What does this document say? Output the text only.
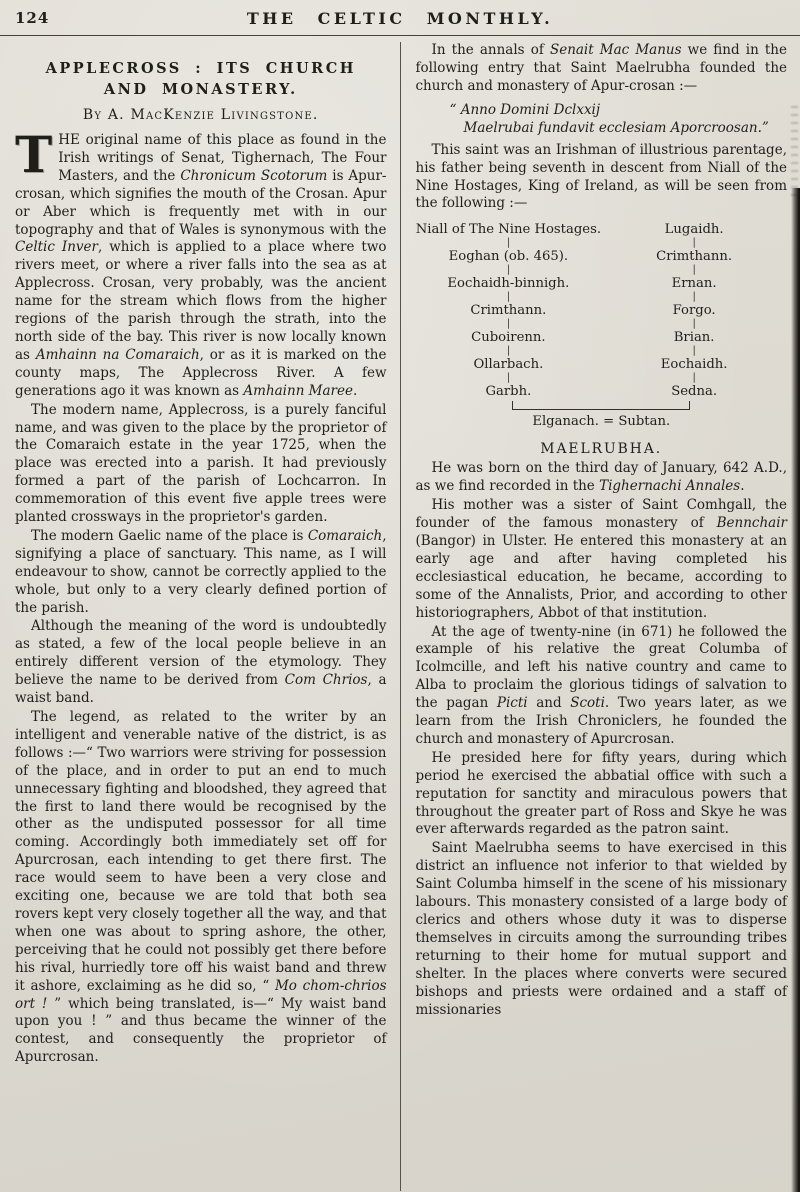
124	THE CELTIC MONTHLY.
APPLECROSS : ITS CHURCH
AND MONASTERY.
By A. MacKenzie Livingstone.

THE original name of this place as found in the Irish writings of Senat, Tighernach, The Four Masters, and the Chronicum Scotorum is Apur-crosan, which signifies the mouth of the Crosan. Apur or Aber which is frequently met with in our topography and that of Wales is synonymous with the Celtic Inver, which is applied to a place where two rivers meet, or where a river falls into the sea as at Applecross. Crosan, very probably, was the ancient name for the stream which flows from the higher regions of the parish through the strath, into the north side of the bay. This river is now locally known as Amhainn na Comaraich, or as it is marked on the county maps, The Applecross River. A few generations ago it was known as Amhainn Maree.

The modern name, Applecross, is a purely fanciful name, and was given to the place by the proprietor of the Comaraich estate in the year 1725, when the place was erected into a parish. It had previously formed a part of the parish of Lochcarron. In commemoration of this event five apple trees were planted crossways in the proprietor's garden.

The modern Gaelic name of the place is Comaraich, signifying a place of sanctuary. This name, as I will endeavour to show, cannot be correctly applied to the whole, but only to a very clearly defined portion of the parish.

Although the meaning of the word is undoubtedly as stated, a few of the local people believe in an entirely different version of the etymology. They believe the name to be derived from Com Chrios, a waist band.

The legend, as related to the writer by an intelligent and venerable native of the district, is as follows :—“ Two warriors were striving for possession of the place, and in order to put an end to much unnecessary fighting and bloodshed, they agreed that the first to land there would be recognised by the other as the undisputed possessor for all time coming. Accordingly both immediately set off for Apurcrosan, each intending to get there first. The race would seem to have been a very close and exciting one, because we are told that both sea rovers kept very closely together all the way, and that when one was about to spring ashore, the other, perceiving that he could not possibly get there before his rival, hurriedly tore off his waist band and threw it ashore, exclaiming as he did so, “ Mo chom-chrios ort ! ” which being translated, is—“ My waist band upon you ! ” and thus became the winner of the contest, and consequently the proprietor of Apurcrosan.

In the annals of Senait Mac Manus we find in the following entry that Saint Maelrubha founded the church and monastery of Apur-crosan :—

“ Anno Domini Dclxxij
Maelrubai fundavit ecclesiam Aporcroosan.”

This saint was an Irishman of illustrious parentage, his father being seventh in descent from Niall of the Nine Hostages, King of Ireland, as will be seen from the following :—

Niall of The Nine Hostages.	Lugaidh.
|	|
Eoghan (ob. 465).	Crimthann.
|	|
Eochaidh-binnigh.	Ernan.
|	|
Crimthann.	Forgo.
|	|
Cuboirenn.	Brian.
|	|
Ollarbach.	Eochaidh.
|	|
Garbh.	Sedna.
Elganach. = Subtan.
MAELRUBHA.

He was born on the third day of January, 642 A.D., as we find recorded in the Tighernachi Annales.

His mother was a sister of Saint Comhgall, the founder of the famous monastery of Bennchair (Bangor) in Ulster. He entered this monastery at an early age and after having completed his ecclesiastical education, he became, according to some of the Annalists, Prior, and according to other historiographers, Abbot of that institution.

At the age of twenty-nine (in 671) he followed the example of his relative the great Columba of Icolmcille, and left his native country and came to Alba to proclaim the glorious tidings of salvation to the pagan Picti and Scoti. Two years later, as we learn from the Irish Chroniclers, he founded the church and monastery of Apurcrosan.

He presided here for fifty years, during which period he exercised the abbatial office with such a reputation for sanctity and miraculous powers that throughout the greater part of Ross and Skye he was ever afterwards regarded as the patron saint.

Saint Maelrubha seems to have exercised in this district an influence not inferior to that wielded by Saint Columba himself in the scene of his missionary labours. This monastery consisted of a large body of clerics and others whose duty it was to disperse themselves in circuits among the surrounding tribes returning to their home for mutual support and shelter. In the places where converts were secured bishops and priests were ordained and a staff of missionaries
